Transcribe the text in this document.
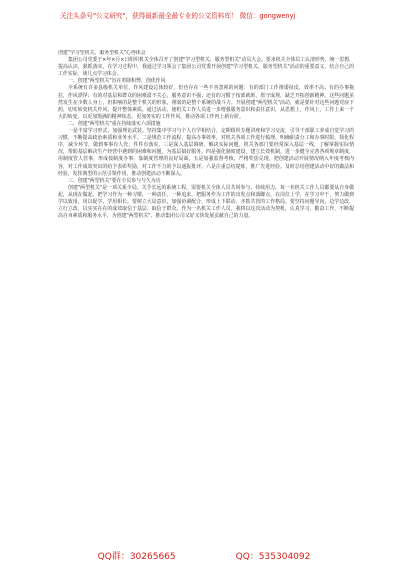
关注头条号"公文研究"，获得最新最全最专业的公文资料库！ 微信：gongwenyj

创建"学习型机关、服务型机关"心得体会

集团公司党委于×年×月×日组织机关全体召开了创建"学习型机关、服务型机关"动员大会。要求机关全体员工认清形势，统一思想，提高认识，狠抓落实。在学习过程中，我通过学习领会了集团公司党委开展创建"学习型机关、服务型机关"活动的重要意义，结合自己的工作实际，谈几点学习体会。

一、创建"两型机关"旨在革除积弊，创优作风

全系统有许多县级机关单位，作风建设总体较好，但也存在一些不容忽视的问题：有的部门工作推诿扯皮，效率不高；有的办事拖拉，作风漂浮；有的对基层和群众的困难漠不关心，服务意识不强；还有的习惯于按部就班、墨守成规，缺乏开拓创新精神。这些问题虽然发生在少数人身上，但影响的是整个机关的形象，削弱的是整个系统的战斗力。开展创建"两型机关"活动，就是要针对这些问题对症下药，切实转变机关作风，提升整体素质。通过活动，使机关工作人员进一步增强服务意识和责任意识，从思想上、作风上、工作上来一个大的转变，以更加饱满的精神状态、更加务实的工作作风，推动各项工作再上新台阶。

二、创建"两型机关"重在持续落实六项措施

一是丰富学习形式，加强理论武装。坚持集中学习与个人自学相结合，定期组织专题讲座和学习交流，引导干部职工养成自觉学习的习惯，不断提高政治素质和业务水平。二是规范工作流程，提高办事效率。对机关各项工作进行梳理，明确职责分工和办事时限，简化程序，减少环节，做到事事有人管、件件有落实。三是深入基层调研，解决实际问题。机关各部门要经常深入基层一线，了解掌握实际情况，帮助基层解决生产经营中遇到的困难和问题，为基层搞好服务。四是强化制度建设，建立长效机制。进一步健全完善各项规章制度，用制度管人管事，形成按制度办事、靠制度管理的良好局面。五是加强监督考核，严格奖惩兑现。把创建活动开展情况纳入年度考核内容，对工作成效突出的给予表彰奖励，对工作不力的予以通报批评。六是注重总结提炼，推广先进经验。及时总结创建活动中好的做法和经验，发挥典型的示范引领作用，推动创建活动不断深入。

三、创建"两型机关"要在全员参与与久为功

创建"两型机关"是一项关系全局、关乎长远的系统工程，需要机关全体人员共同参与、持续用力。每一名机关工作人员都要从自身做起，从现在做起，把学习作为一种习惯、一种责任、一种追求，把服务作为工作的出发点和落脚点，在岗位上学，在学习中干，努力做到学以致用、用以促学、学用相长。要树立大局意识，加强协调配合，形成上下联动、齐抓共管的工作格局。要坚持问题导向，边学边改、立行立改，以实实在在的成效取信于基层、取信于群众。作为一名机关工作人员，我将以这次活动为契机，认真学习，勤奋工作，不断提高自身素质和服务水平，为创建"两型机关"、推动集团公司又好又快发展贡献自己的力量。

QQ群：30265665	QQ：535304092
